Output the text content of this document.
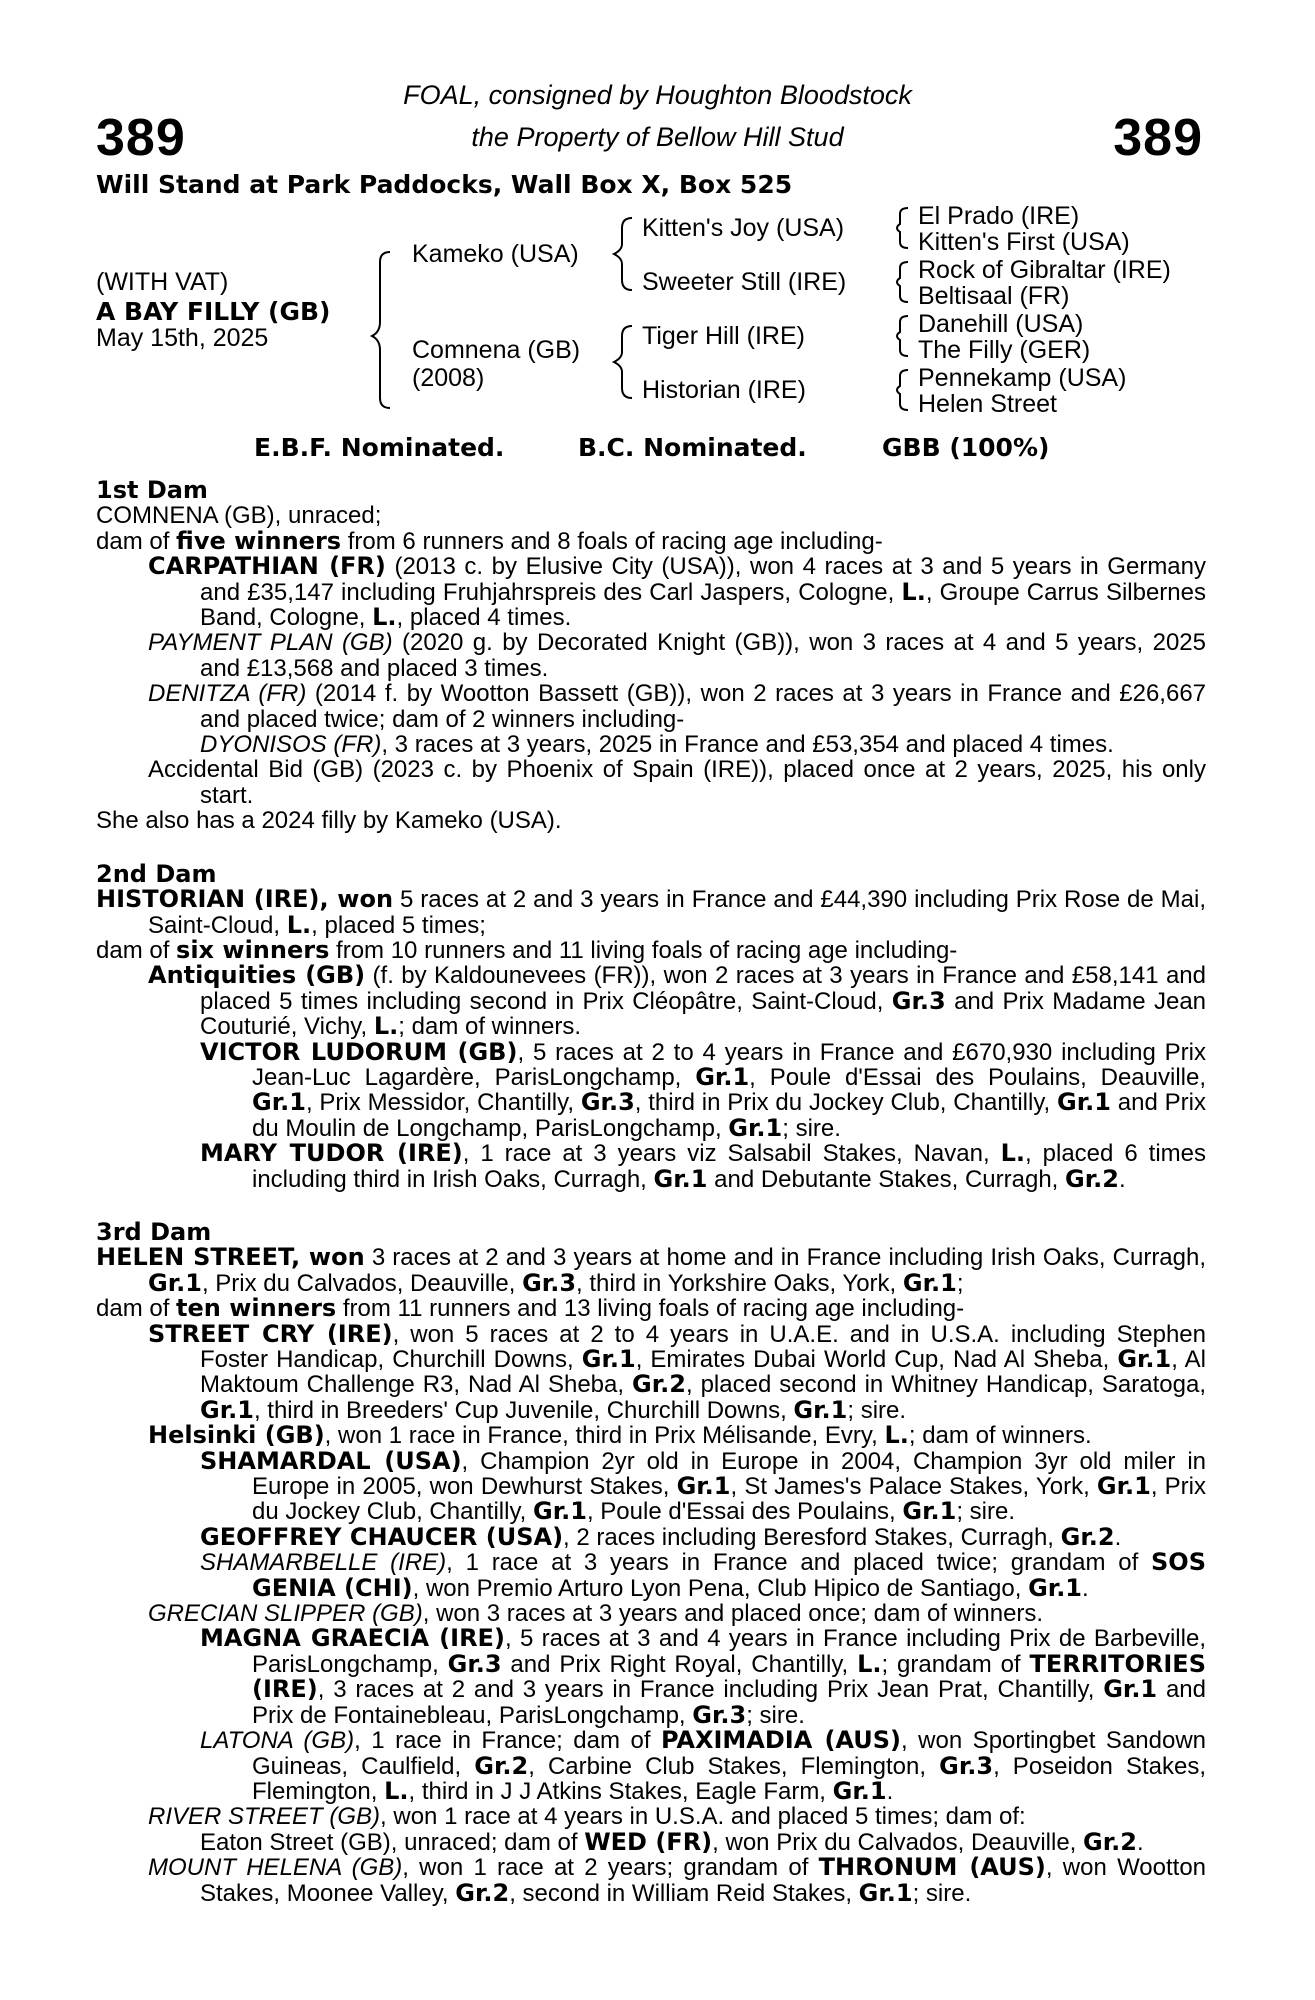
389	389
FOAL, consigned by Houghton Bloodstock
the Property of Bellow Hill Stud
Will Stand at Park Paddocks, Wall Box X, Box 525
(WITH VAT)
A BAY FILLY (GB)
May 15th, 2025
Kameko (USA)
Comnena (GB)
(2008)
Kitten's Joy (USA)
Sweeter Still (IRE)
Tiger Hill (IRE)
Historian (IRE)
El Prado (IRE)
Kitten's First (USA)
Rock of Gibraltar (IRE)
Beltisaal (FR)
Danehill (USA)
The Filly (GER)
Pennekamp (USA)
Helen Street
E.B.F. Nominated.	B.C. Nominated.	GBB (100%)
1st Dam
COMNENA (GB), unraced;
dam of five winners from 6 runners and 8 foals of racing age including-
CARPATHIAN (FR) (2013 c. by Elusive City (USA)), won 4 races at 3 and 5 years in Germany and £35,147 including Fruhjahrspreis des Carl Jaspers, Cologne, L., Groupe Carrus Silbernes Band, Cologne, L., placed 4 times.
PAYMENT PLAN (GB) (2020 g. by Decorated Knight (GB)), won 3 races at 4 and 5 years, 2025 and £13,568 and placed 3 times.
DENITZA (FR) (2014 f. by Wootton Bassett (GB)), won 2 races at 3 years in France and £26,667 and placed twice; dam of 2 winners including-
DYONISOS (FR), 3 races at 3 years, 2025 in France and £53,354 and placed 4 times.
Accidental Bid (GB) (2023 c. by Phoenix of Spain (IRE)), placed once at 2 years, 2025, his only start.
She also has a 2024 filly by Kameko (USA).
2nd Dam
HISTORIAN (IRE), won 5 races at 2 and 3 years in France and £44,390 including Prix Rose de Mai, Saint-Cloud, L., placed 5 times;
dam of six winners from 10 runners and 11 living foals of racing age including-
Antiquities (GB) (f. by Kaldounevees (FR)), won 2 races at 3 years in France and £58,141 and placed 5 times including second in Prix Cléopâtre, Saint-Cloud, Gr.3 and Prix Madame Jean Couturié, Vichy, L.; dam of winners.
VICTOR LUDORUM (GB), 5 races at 2 to 4 years in France and £670,930 including Prix Jean-Luc Lagardère, ParisLongchamp, Gr.1, Poule d'Essai des Poulains, Deauville, Gr.1, Prix Messidor, Chantilly, Gr.3, third in Prix du Jockey Club, Chantilly, Gr.1 and Prix du Moulin de Longchamp, ParisLongchamp, Gr.1; sire.
MARY TUDOR (IRE), 1 race at 3 years viz Salsabil Stakes, Navan, L., placed 6 times including third in Irish Oaks, Curragh, Gr.1 and Debutante Stakes, Curragh, Gr.2.
3rd Dam
HELEN STREET, won 3 races at 2 and 3 years at home and in France including Irish Oaks, Curragh, Gr.1, Prix du Calvados, Deauville, Gr.3, third in Yorkshire Oaks, York, Gr.1;
dam of ten winners from 11 runners and 13 living foals of racing age including-
STREET CRY (IRE), won 5 races at 2 to 4 years in U.A.E. and in U.S.A. including Stephen Foster Handicap, Churchill Downs, Gr.1, Emirates Dubai World Cup, Nad Al Sheba, Gr.1, Al Maktoum Challenge R3, Nad Al Sheba, Gr.2, placed second in Whitney Handicap, Saratoga, Gr.1, third in Breeders' Cup Juvenile, Churchill Downs, Gr.1; sire.
Helsinki (GB), won 1 race in France, third in Prix Mélisande, Evry, L.; dam of winners.
SHAMARDAL (USA), Champion 2yr old in Europe in 2004, Champion 3yr old miler in Europe in 2005, won Dewhurst Stakes, Gr.1, St James's Palace Stakes, York, Gr.1, Prix du Jockey Club, Chantilly, Gr.1, Poule d'Essai des Poulains, Gr.1; sire.
GEOFFREY CHAUCER (USA), 2 races including Beresford Stakes, Curragh, Gr.2.
SHAMARBELLE (IRE), 1 race at 3 years in France and placed twice; grandam of SOS GENIA (CHI), won Premio Arturo Lyon Pena, Club Hipico de Santiago, Gr.1.
GRECIAN SLIPPER (GB), won 3 races at 3 years and placed once; dam of winners.
MAGNA GRAECIA (IRE), 5 races at 3 and 4 years in France including Prix de Barbeville, ParisLongchamp, Gr.3 and Prix Right Royal, Chantilly, L.; grandam of TERRITORIES (IRE), 3 races at 2 and 3 years in France including Prix Jean Prat, Chantilly, Gr.1 and Prix de Fontainebleau, ParisLongchamp, Gr.3; sire.
LATONA (GB), 1 race in France; dam of PAXIMADIA (AUS), won Sportingbet Sandown Guineas, Caulfield, Gr.2, Carbine Club Stakes, Flemington, Gr.3, Poseidon Stakes, Flemington, L., third in J J Atkins Stakes, Eagle Farm, Gr.1.
RIVER STREET (GB), won 1 race at 4 years in U.S.A. and placed 5 times; dam of:
Eaton Street (GB), unraced; dam of WED (FR), won Prix du Calvados, Deauville, Gr.2.
MOUNT HELENA (GB), won 1 race at 2 years; grandam of THRONUM (AUS), won Wootton Stakes, Moonee Valley, Gr.2, second in William Reid Stakes, Gr.1; sire.
